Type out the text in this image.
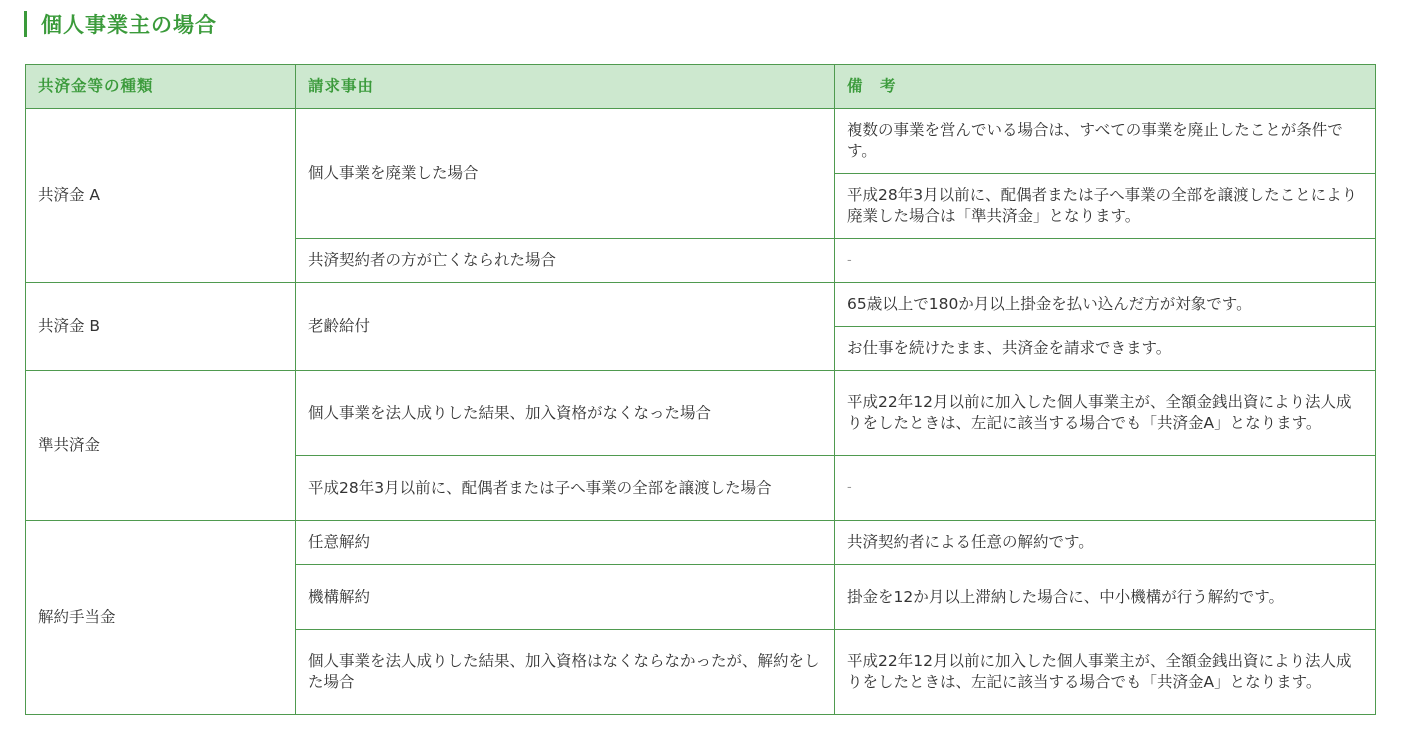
個人事業主の場合
共済金等の種類	請求事由	備　考
共済金 A	個人事業を廃業した場合	複数の事業を営んでいる場合は、すべての事業を廃止したことが条件です。
		平成28年3月以前に、配偶者または子へ事業の全部を譲渡したことにより廃業した場合は「準共済金」となります。
	共済契約者の方が亡くなられた場合	-
共済金 B	老齢給付	65歳以上で180か月以上掛金を払い込んだ方が対象です。
		お仕事を続けたまま、共済金を請求できます。
準共済金	個人事業を法人成りした結果、加入資格がなくなった場合	平成22年12月以前に加入した個人事業主が、全額金銭出資により法人成りをしたときは、左記に該当する場合でも「共済金A」となります。
	平成28年3月以前に、配偶者または子へ事業の全部を譲渡した場合	-
解約手当金	任意解約	共済契約者による任意の解約です。
	機構解約	掛金を12か月以上滞納した場合に、中小機構が行う解約です。
	個人事業を法人成りした結果、加入資格はなくならなかったが、解約をした場合	平成22年12月以前に加入した個人事業主が、全額金銭出資により法人成りをしたときは、左記に該当する場合でも「共済金A」となります。
